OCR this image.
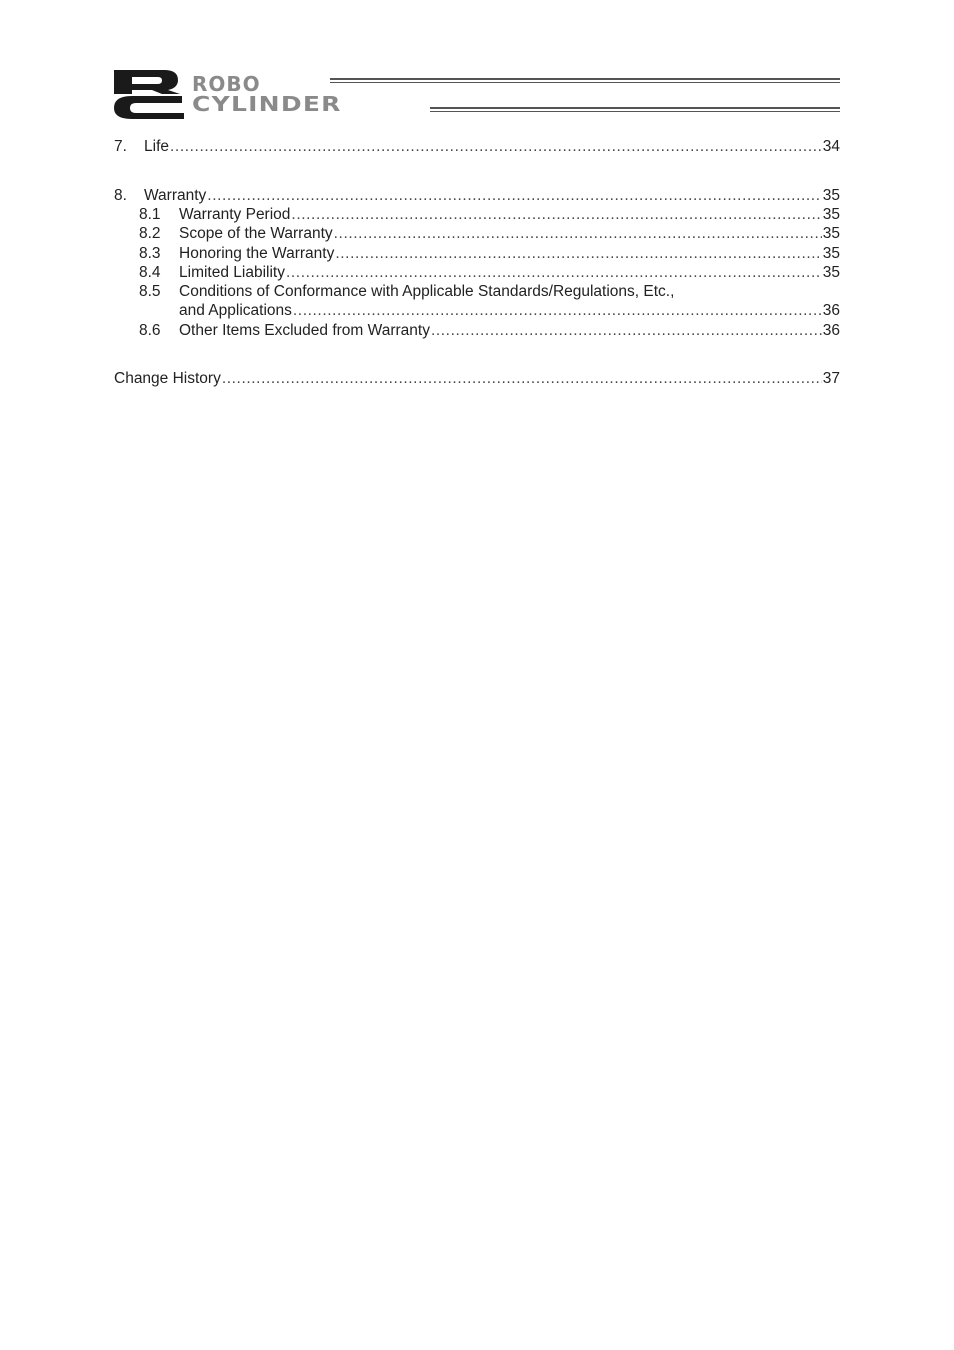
ROBO
CYLINDER
7.	Life .....	34
8.	Warranty .....	35
8.1	Warranty Period .....	35
8.2	Scope of the Warranty .....	35
8.3	Honoring the Warranty .....	35
8.4	Limited Liability .....	35
8.5	Conditions of Conformance with Applicable Standards/Regulations, Etc.,
and Applications .....	36
8.6	Other Items Excluded from Warranty .....	36
Change History .....	37
